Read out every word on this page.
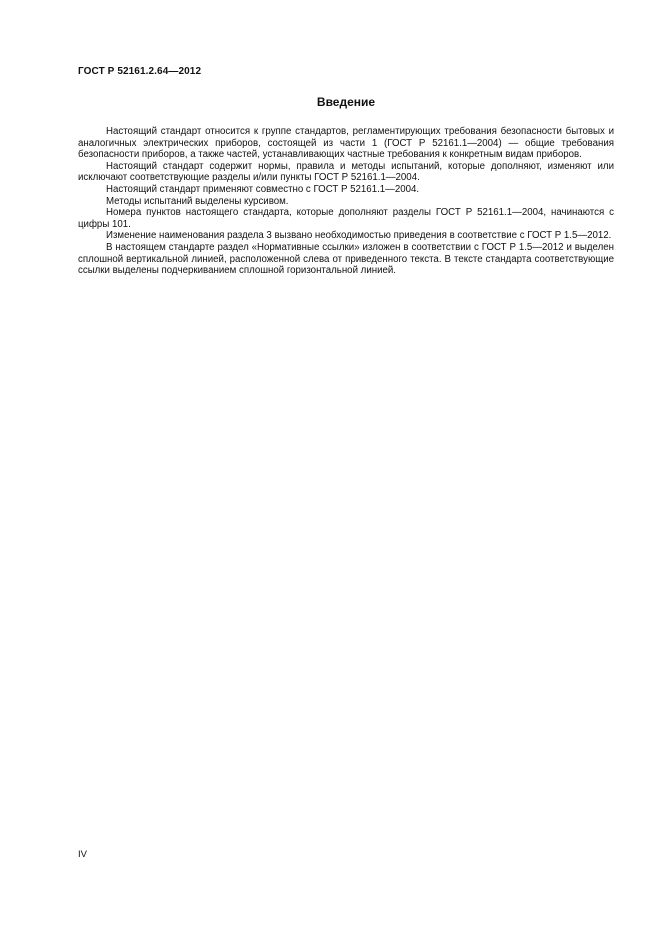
ГОСТ Р 52161.2.64—2012
Введение

Настоящий стандарт относится к группе стандартов, регламентирующих требования безопасности бытовых и аналогичных электрических приборов, состоящей из части 1 (ГОСТ Р 52161.1—2004) — общие требования безопасности приборов, а также частей, устанавливающих частные требования к конкретным видам приборов.

Настоящий стандарт содержит нормы, правила и методы испытаний, которые дополняют, изменяют или исключают соответствующие разделы и/или пункты ГОСТ Р 52161.1—2004.

Настоящий стандарт применяют совместно с ГОСТ Р 52161.1—2004.

Методы испытаний выделены курсивом.

Номера пунктов настоящего стандарта, которые дополняют разделы ГОСТ Р 52161.1—2004, начинаются с цифры 101.

Изменение наименования раздела 3 вызвано необходимостью приведения в соответствие с ГОСТ Р 1.5—2012.

В настоящем стандарте раздел «Нормативные ссылки» изложен в соответствии с ГОСТ Р 1.5—2012 и выделен сплошной вертикальной линией, расположенной слева от приведенного текста. В тексте стандарта соответствующие ссылки выделены подчеркиванием сплошной горизонтальной линией.

IV
